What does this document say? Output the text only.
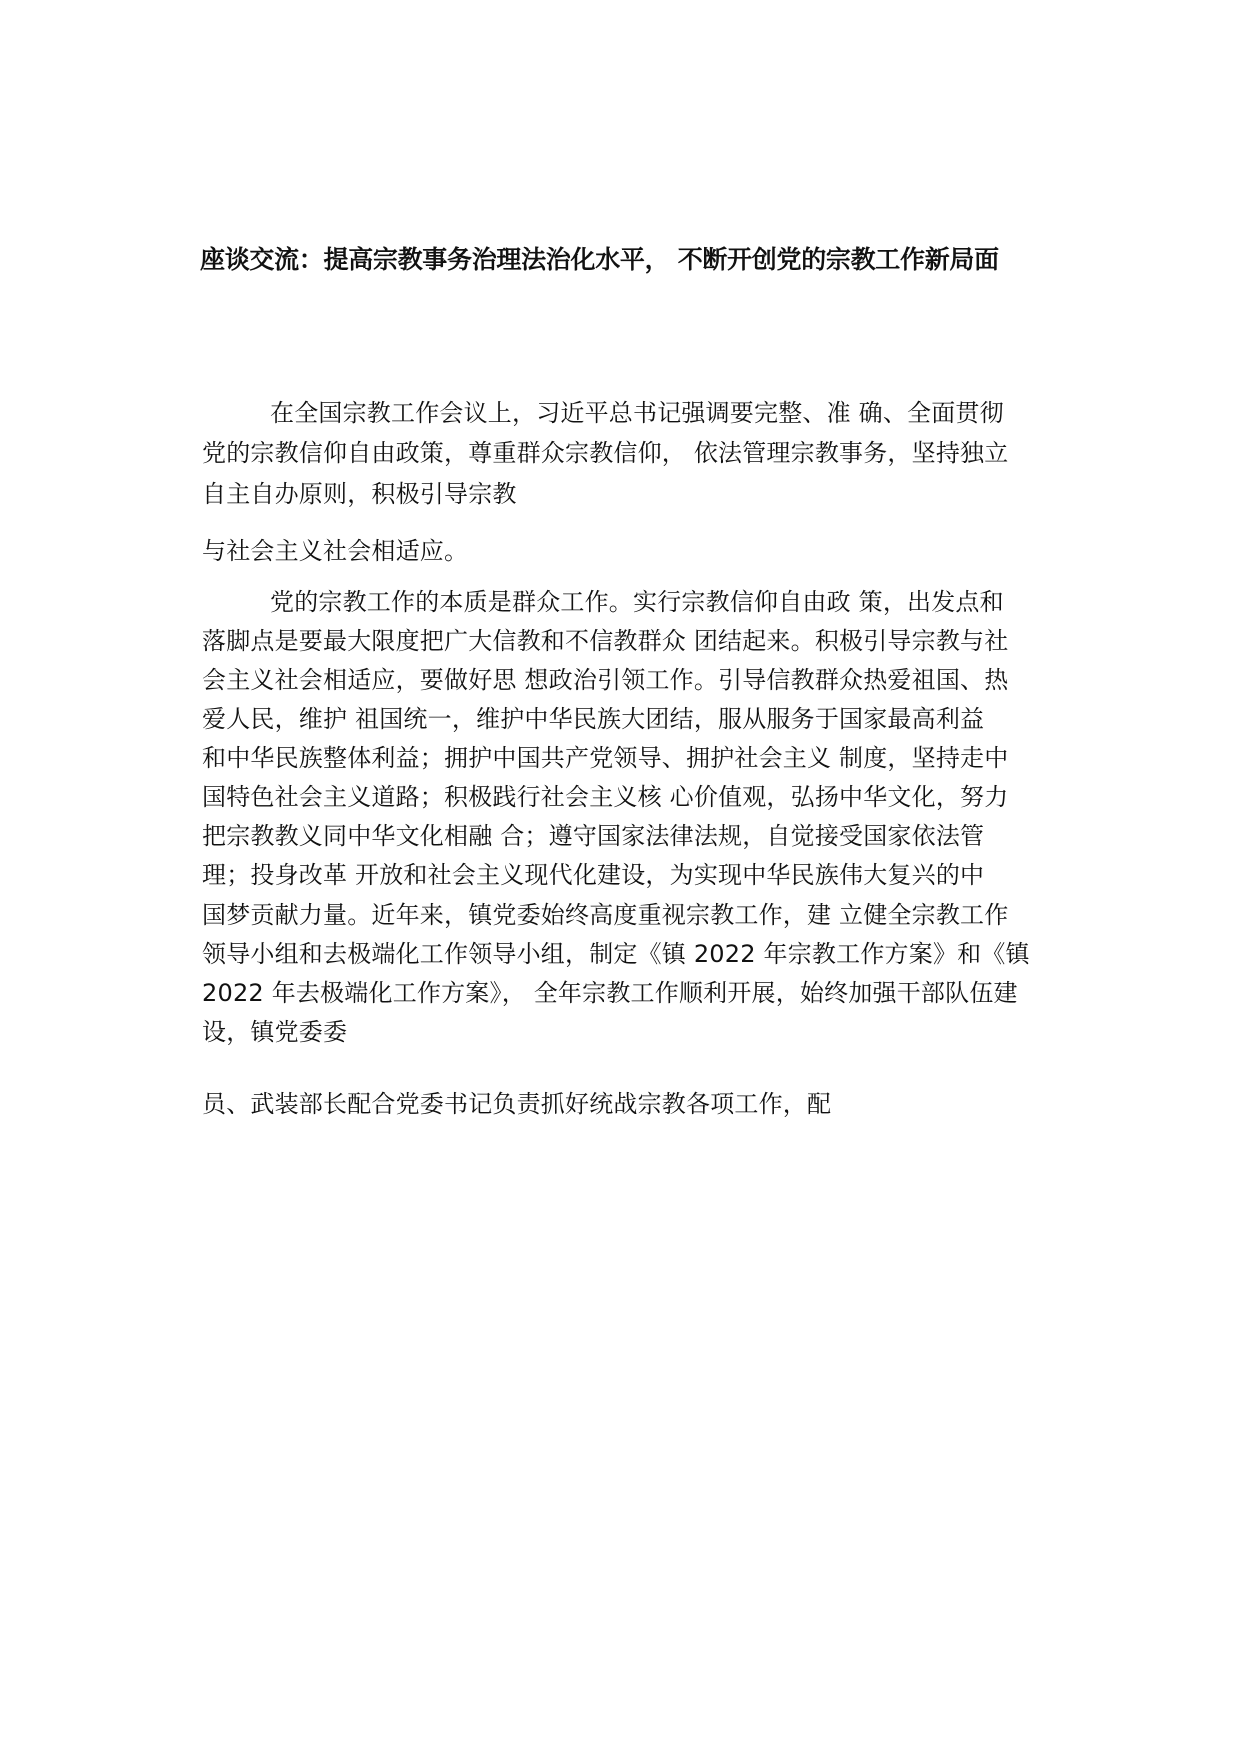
座谈交流：提高宗教事务治理法治化水平， 不断开创党的宗教工作新局面
在全国宗教工作会议上，习近平总书记强调要完整、准 确、全面贯彻
党的宗教信仰自由政策，尊重群众宗教信仰， 依法管理宗教事务，坚持独立
自主自办原则，积极引导宗教
与社会主义社会相适应。
党的宗教工作的本质是群众工作。实行宗教信仰自由政 策，出发点和
落脚点是要最大限度把广大信教和不信教群众 团结起来。积极引导宗教与社
会主义社会相适应，要做好思 想政治引领工作。引导信教群众热爱祖国、热
爱人民，维护 祖国统一，维护中华民族大团结，服从服务于国家最高利益
和中华民族整体利益；拥护中国共产党领导、拥护社会主义 制度，坚持走中
国特色社会主义道路；积极践行社会主义核 心价值观，弘扬中华文化，努力
把宗教教义同中华文化相融 合；遵守国家法律法规，自觉接受国家依法管
理；投身改革 开放和社会主义现代化建设，为实现中华民族伟大复兴的中
国梦贡献力量。近年来，镇党委始终高度重视宗教工作，建 立健全宗教工作
领导小组和去极端化工作领导小组，制定《镇 2022 年宗教工作方案》和《镇
2022 年去极端化工作方案》， 全年宗教工作顺利开展，始终加强干部队伍建
设，镇党委委
员、武装部长配合党委书记负责抓好统战宗教各项工作，配
